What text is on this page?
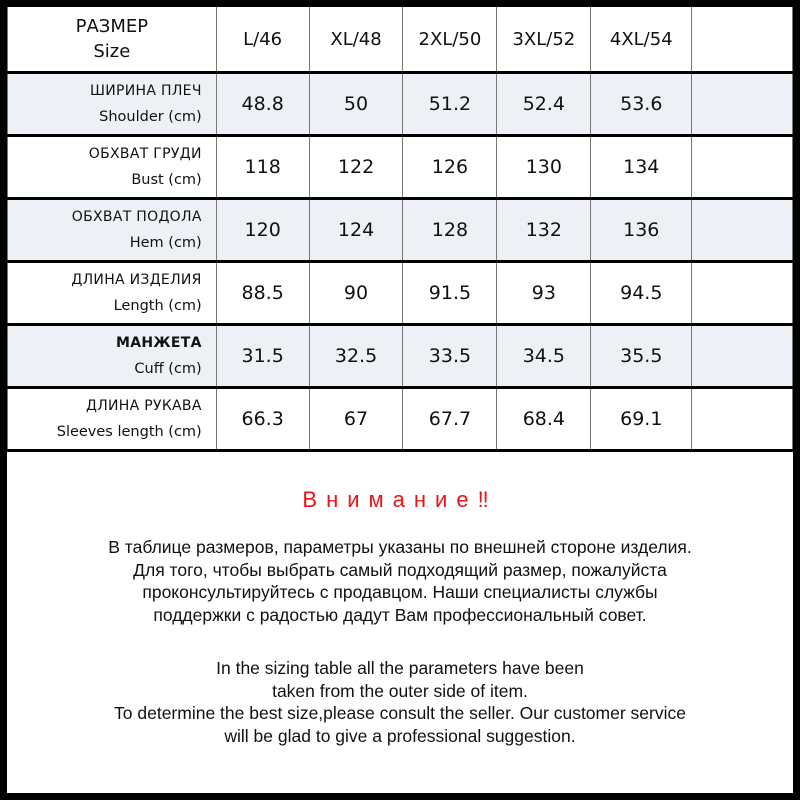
РАЗМЕР
Size	L/46	XL/48	2XL/50	3XL/52	4XL/54	

ШИРИНА ПЛЕЧ
Shoulder (cm)	48.8	50	51.2	52.4	53.6	

ОБХВАТ ГРУДИ
Bust (cm)	118	122	126	130	134	

ОБХВАТ ПОДОЛА
Hem (cm)	120	124	128	132	136	

ДЛИНА ИЗДЕЛИЯ
Length (cm)	88.5	90	91.5	93	94.5	

МАНЖЕТА
Cuff (cm)	31.5	32.5	33.5	34.5	35.5	

ДЛИНА РУКАВА
Sleeves length (cm)	66.3	67	67.7	68.4	69.1	
Внимание‼
В таблице размеров, параметры указаны по внешней стороне изделия.
Для того, чтобы выбрать самый подходящий размер, пожалуйста
проконсультируйтесь с продавцом. Наши специалисты службы
поддержки с радостью дадут Вам профессиональный совет.
In the sizing table all the parameters have been
taken from the outer side of item.
To determine the best size,please consult the seller. Our customer service
will be glad to give a professional suggestion.
